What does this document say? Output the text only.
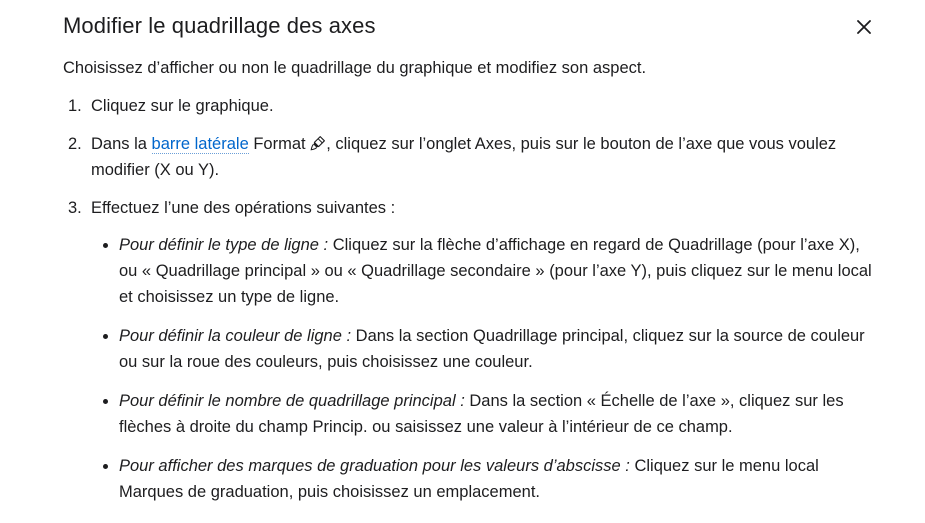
Modifier le quadrillage des axes

Choisissez d’afficher ou non le quadrillage du graphique et modifiez son aspect.

1. Cliquez sur le graphique.
2. Dans la barre latérale Format , cliquez sur l’onglet Axes, puis sur le bouton de l’axe que vous voulez modifier (X ou Y).
3. Effectuez l’une des opérations suivantes :
Pour définir le type de ligne : Cliquez sur la flèche d’affichage en regard de Quadrillage (pour l’axe X), ou « Quadrillage principal » ou « Quadrillage secondaire » (pour l’axe Y), puis cliquez sur le menu local et choisissez un type de ligne.
Pour définir la couleur de ligne : Dans la section Quadrillage principal, cliquez sur la source de couleur ou sur la roue des couleurs, puis choisissez une couleur.
Pour définir le nombre de quadrillage principal : Dans la section « Échelle de l’axe », cliquez sur les flèches à droite du champ Princip. ou saisissez une valeur à l’intérieur de ce champ.
Pour afficher des marques de graduation pour les valeurs d’abscisse : Cliquez sur le menu local Marques de graduation, puis choisissez un emplacement.
